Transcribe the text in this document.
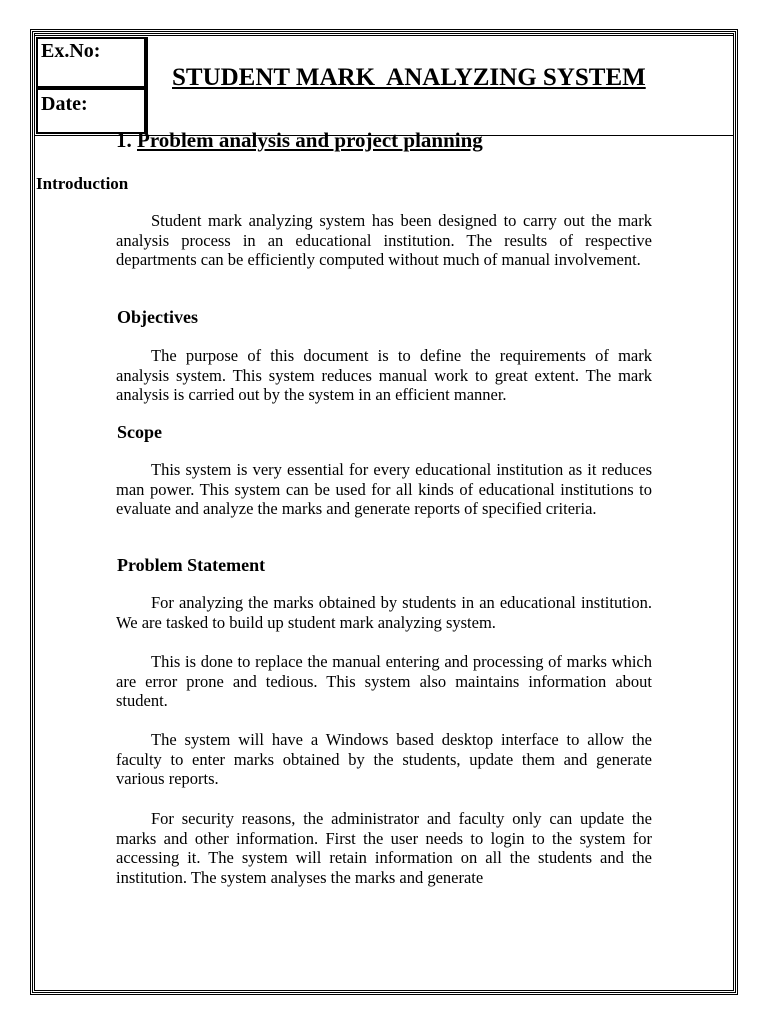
Ex.No:
Date:
STUDENT MARK  ANALYZING SYSTEM
1. Problem analysis and project planning
Introduction

Student mark analyzing system has been designed to carry out the mark analysis process in an educational institution. The results of respective departments can be efficiently computed without much of manual involvement.

Objectives

The purpose of this document is to define the requirements of mark analysis system. This system reduces manual work to great extent. The mark analysis is carried out by the system in an efficient manner.

Scope

This system is very essential for every educational institution as it reduces man power. This system can be used for all kinds of educational institutions to evaluate and analyze the marks and generate reports of specified criteria.

Problem Statement

For analyzing the marks obtained by students in an educational institution. We are tasked to build up student mark analyzing system.

This is done to replace the manual entering and processing of marks which are error prone and tedious. This system also maintains information about student.

The system will have a Windows based desktop interface to allow the faculty to enter marks obtained by the students, update them and generate various reports.

For security reasons, the administrator and faculty only can update the marks and other information. First the user needs to login to the system for accessing it. The system will retain information on all the students and the institution. The system analyses the marks and generate
